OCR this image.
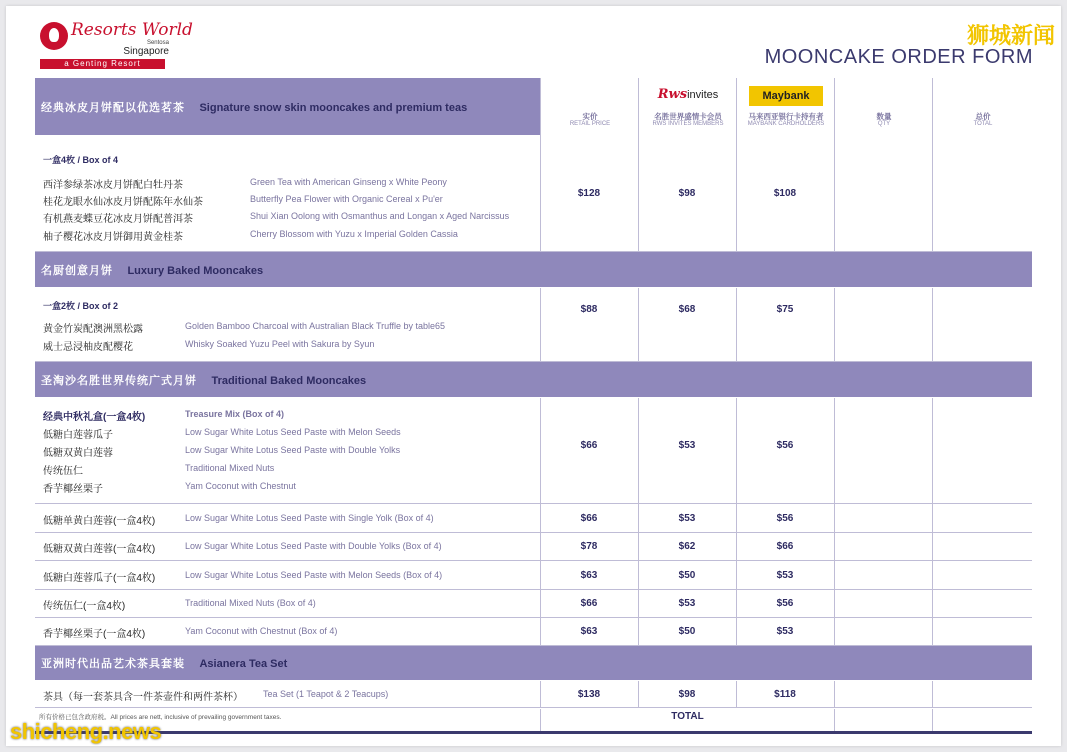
Resorts World
Sentosa
Singapore
a Genting Resort
狮城新闻
MOONCAKE ORDER FORM
经典冰皮月饼配以优选茗茶 Signature snow skin mooncakes and premium teas
实价
RETAIL PRICE
Rwsinvites
名胜世界盛情卡会员
RWS INVITES MEMBERS
Maybank
马来西亚银行卡持有者
MAYBANK CARDHOLDERS
数量
QTY
总价
TOTAL
一盒4枚 / Box of 4
西洋参绿茶冰皮月饼配白牡丹茶	Green Tea with American Ginseng x White Peony
桂花龙眼水仙冰皮月饼配陈年水仙茶	Butterfly Pea Flower with Organic Cereal x Pu'er
有机燕麦蝶豆花冰皮月饼配普洱茶	Shui Xian Oolong with Osmanthus and Longan x Aged Narcissus
柚子樱花冰皮月饼御用黄金桂茶	Cherry Blossom with Yuzu x Imperial Golden Cassia
$128	$98	$108
名厨创意月饼 Luxury Baked Mooncakes
一盒2枚 / Box of 2
黄金竹炭配澳洲黑松露	Golden Bamboo Charcoal with Australian Black Truffle by table65
威士忌浸柚皮配樱花	Whisky Soaked Yuzu Peel with Sakura by Syun
$88	$68	$75
圣淘沙名胜世界传统广式月饼 Traditional Baked Mooncakes
经典中秋礼盒(一盒4枚)	Treasure Mix (Box of 4)
低糖白莲蓉瓜子	Low Sugar White Lotus Seed Paste with Melon Seeds
低糖双黄白莲蓉	Low Sugar White Lotus Seed Paste with Double Yolks
传统伍仁	Traditional Mixed Nuts
香芋椰丝栗子	Yam Coconut with Chestnut
$66	$53	$56
低糖单黄白莲蓉(一盒4枚)	Low Sugar White Lotus Seed Paste with Single Yolk (Box of 4)	$66	$53	$56
低糖双黄白莲蓉(一盒4枚)	Low Sugar White Lotus Seed Paste with Double Yolks (Box of 4)	$78	$62	$66
低糖白莲蓉瓜子(一盒4枚)	Low Sugar White Lotus Seed Paste with Melon Seeds (Box of 4)	$63	$50	$53
传统伍仁(一盒4枚)	Traditional Mixed Nuts (Box of 4)	$66	$53	$56
香芋椰丝栗子(一盒4枚)	Yam Coconut with Chestnut (Box of 4)	$63	$50	$53
亚洲时代出品艺术茶具套装 Asianera Tea Set
茶具（每一套茶具含一件茶壶件和两件茶杯） Tea Set (1 Teapot & 2 Teacups)	$138	$98	$118
所有价格已包含政府税。All prices are nett, inclusive of prevailing government taxes.	TOTAL
shicheng.news
